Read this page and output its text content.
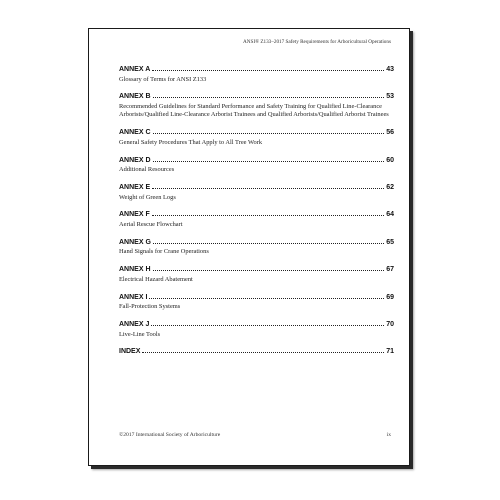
ANSI® Z133–2017 Safety Requirements for Arboricultural Operations
ANNEX A	43
Glossary of Terms for ANSI Z133
ANNEX B	53
Recommended Guidelines for Standard Performance and Safety Training for Qualified Line-Clearance Arborists/Qualified Line-Clearance Arborist Trainees and Qualified Arborists/Qualified Arborist Trainees
ANNEX C	56
General Safety Procedures That Apply to All Tree Work
ANNEX D	60
Additional Resources
ANNEX E	62
Weight of Green Logs
ANNEX F	64
Aerial Rescue Flowchart
ANNEX G	65
Hand Signals for Crane Operations
ANNEX H	67
Electrical Hazard Abatement
ANNEX I	69
Fall-Protection Systems
ANNEX J	70
Live-Line Tools
INDEX	71
©2017 International Society of Arboriculture	ix
